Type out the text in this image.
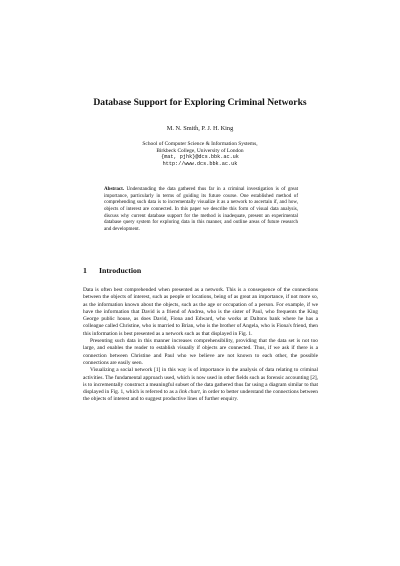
Database Support for Exploring Criminal Networks
M. N. Smith, P. J. H. King
School of Computer Science & Information Systems,
Birkbeck College, University of London
{mat, pjhk}@dcs.bbk.ac.uk
http://www.dcs.bbk.ac.uk
Abstract. Understanding the data gathered thus far in a criminal investigation is of great importance, particularly in terms of guiding its future course. One established method of comprehending such data is to incrementally visualize it as a network to ascertain if, and how, objects of interest are connected. In this paper we describe this form of visual data analysis, discuss why current database support for the method is inadequate, present an experimental database query system for exploring data in this manner, and outline areas of future research and development.
1 Introduction

Data is often best comprehended when presented as a network. This is a consequence of the connections between the objects of interest, such as people or locations, being of as great an importance, if not more so, as the information known about the objects, such as the age or occupation of a person. For example, if we have the information that David is a friend of Andrea, who is the sister of Paul, who frequents the King George public house, as does David, Fiona and Edward, who works at Daltons bank where he has a colleague called Christine, who is married to Brian, who is the brother of Angela, who is Fiona's friend, then this information is best presented as a network such as that displayed in Fig. 1.

Presenting such data in this manner increases comprehensibility, providing that the data set is not too large, and enables the reader to establish visually if objects are connected. Thus, if we ask if there is a connection between Christine and Paul who we believe are not known to each other, the possible connections are easily seen.

Visualizing a social network [1] in this way is of importance in the analysis of data relating to criminal activities. The fundamental approach used, which is now used in other fields such as forensic accounting [2], is to incrementally construct a meaningful subset of the data gathered thus far using a diagram similar to that displayed in Fig. 1, which is referred to as a link chart, in order to better understand the connections between the objects of interest and to suggest productive lines of further enquiry.
